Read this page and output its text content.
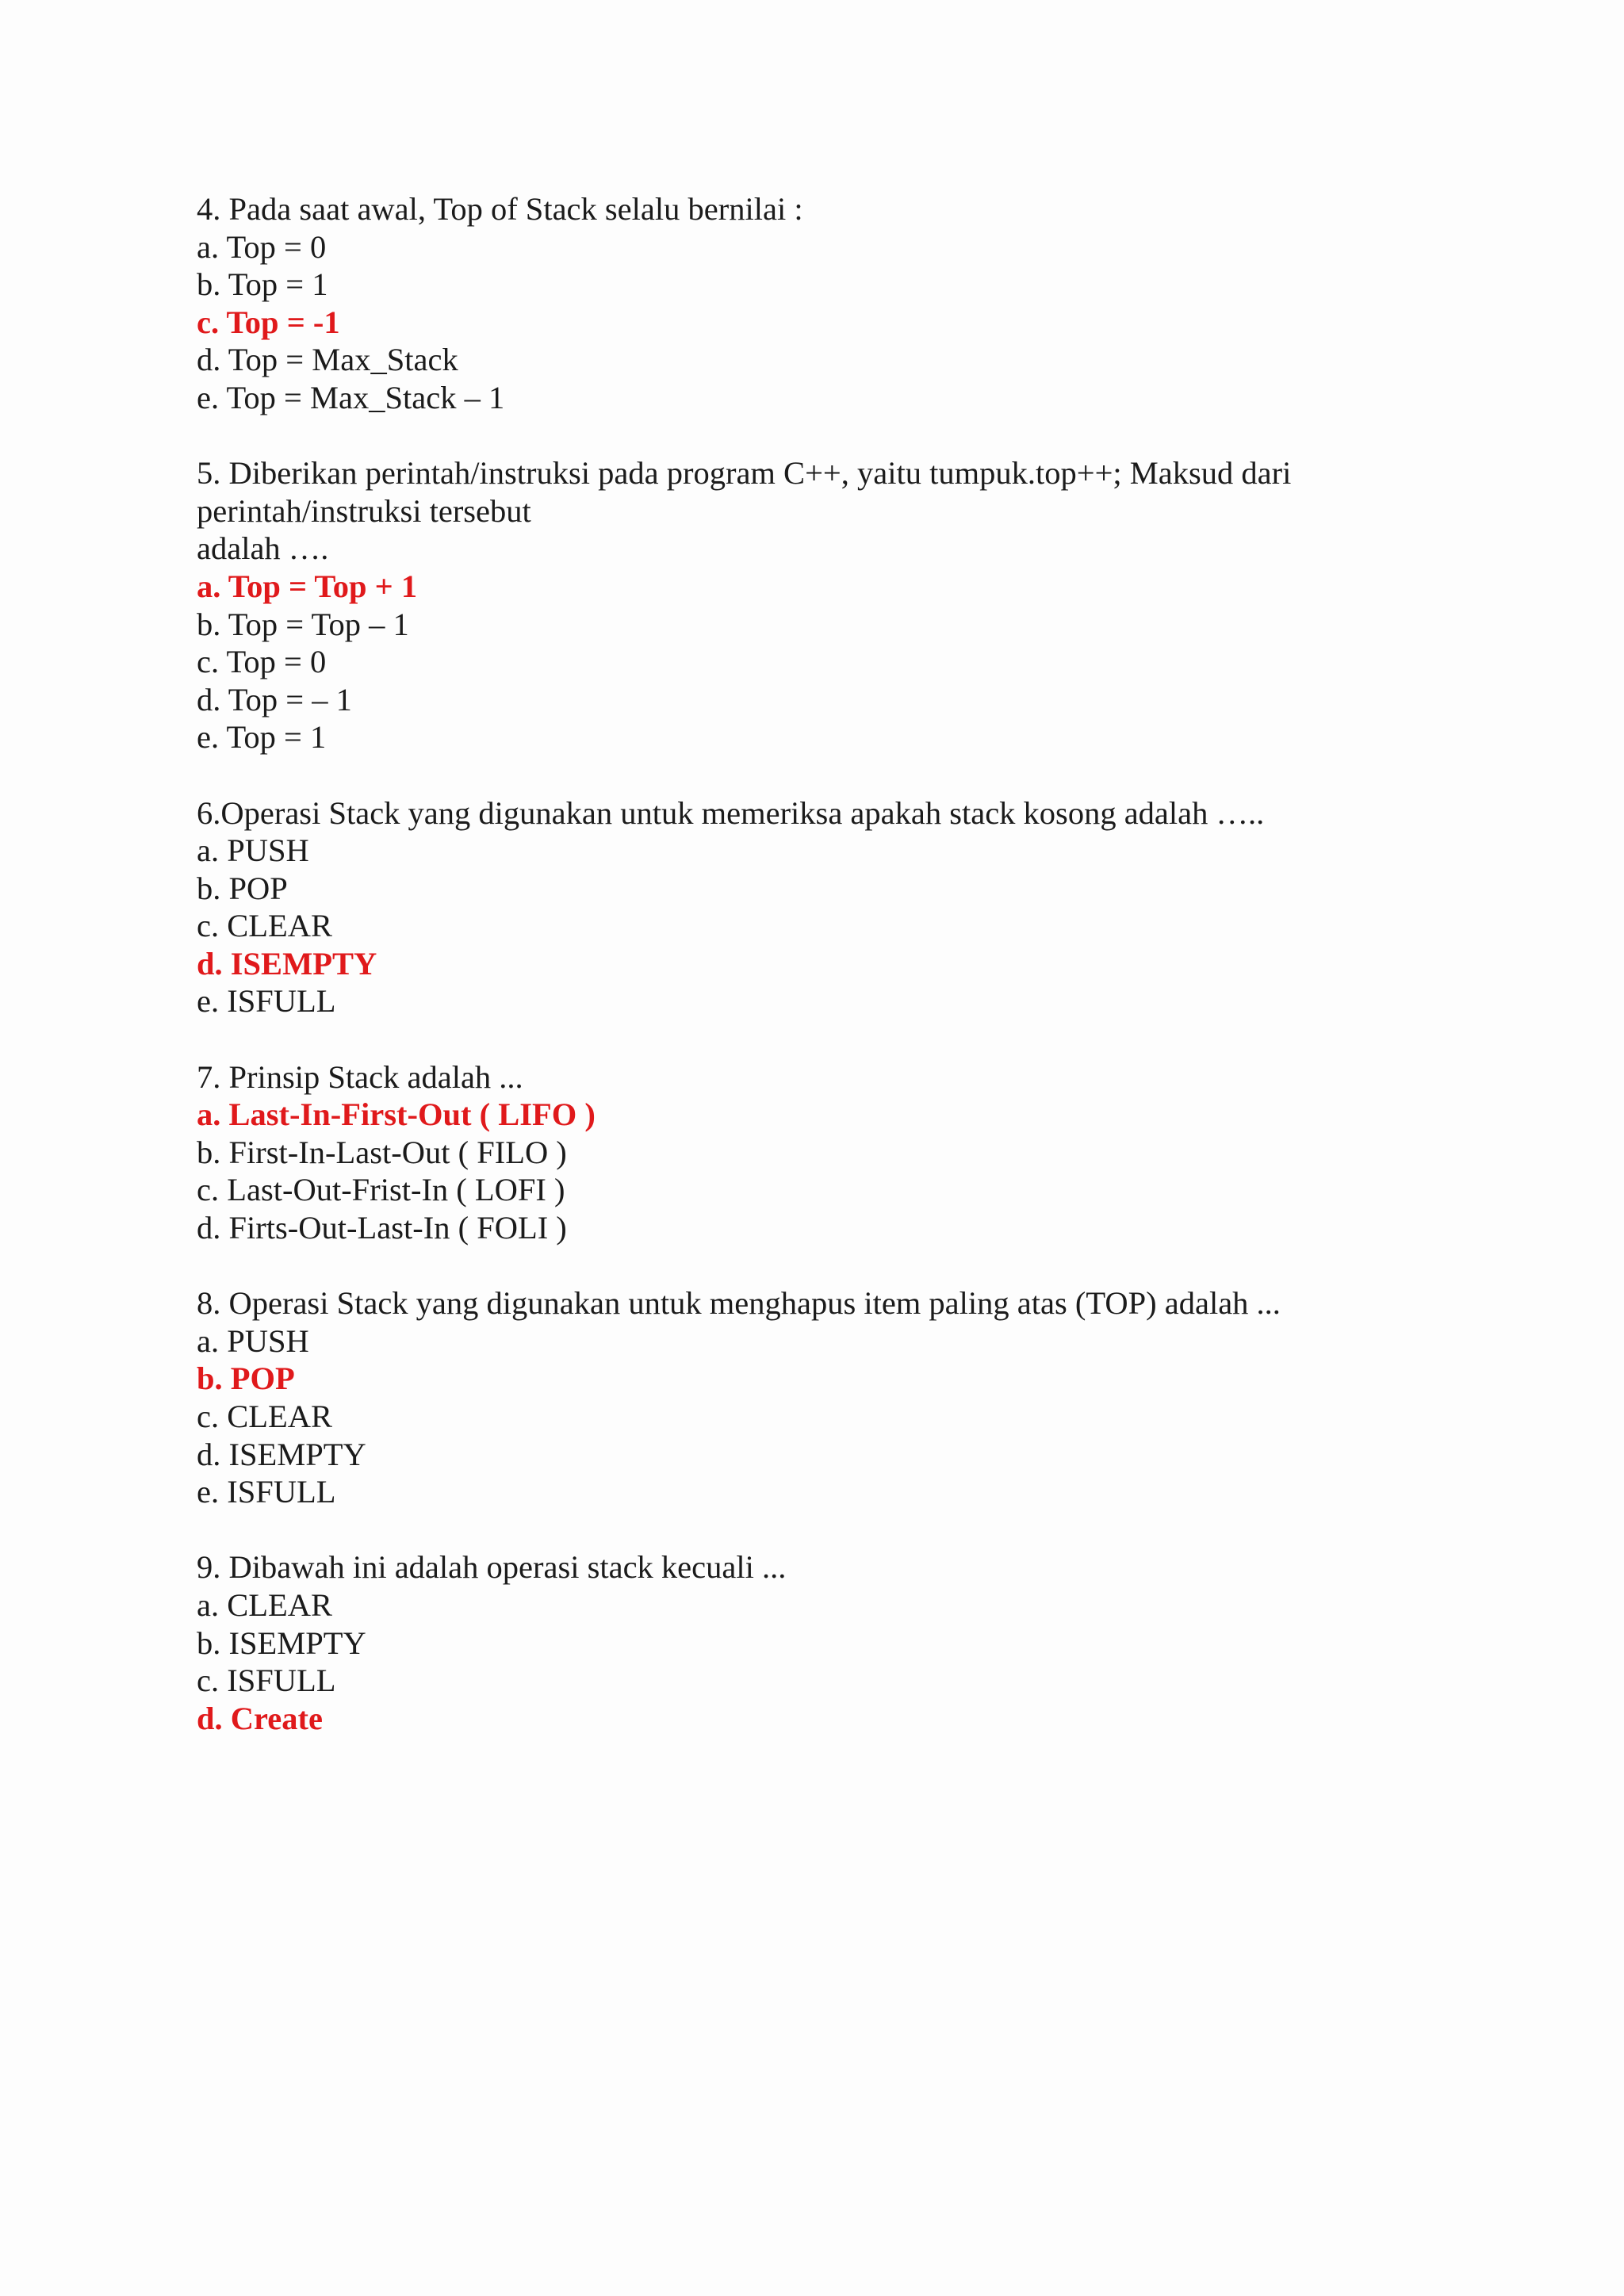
4. Pada saat awal, Top of Stack selalu bernilai :

a. Top = 0

b. Top = 1

c. Top = -1

d. Top = Max_Stack

e. Top = Max_Stack – 1

5. Diberikan perintah/instruksi pada program C++, yaitu tumpuk.top++; Maksud dari

perintah/instruksi tersebut

adalah ….

a. Top = Top + 1

b. Top = Top – 1

c. Top = 0

d. Top = – 1

e. Top = 1

6.Operasi Stack yang digunakan untuk memeriksa apakah stack kosong adalah …..

a. PUSH

b. POP

c. CLEAR

d. ISEMPTY

e. ISFULL

7. Prinsip Stack adalah ...

a. Last-In-First-Out ( LIFO )

b. First-In-Last-Out ( FILO )

c. Last-Out-Frist-In ( LOFI )

d. Firts-Out-Last-In ( FOLI )

8. Operasi Stack yang digunakan untuk menghapus item paling atas (TOP) adalah ...

a. PUSH

b. POP

c. CLEAR

d. ISEMPTY

e. ISFULL

9. Dibawah ini adalah operasi stack kecuali ...

a. CLEAR

b. ISEMPTY

c. ISFULL

d. Create
